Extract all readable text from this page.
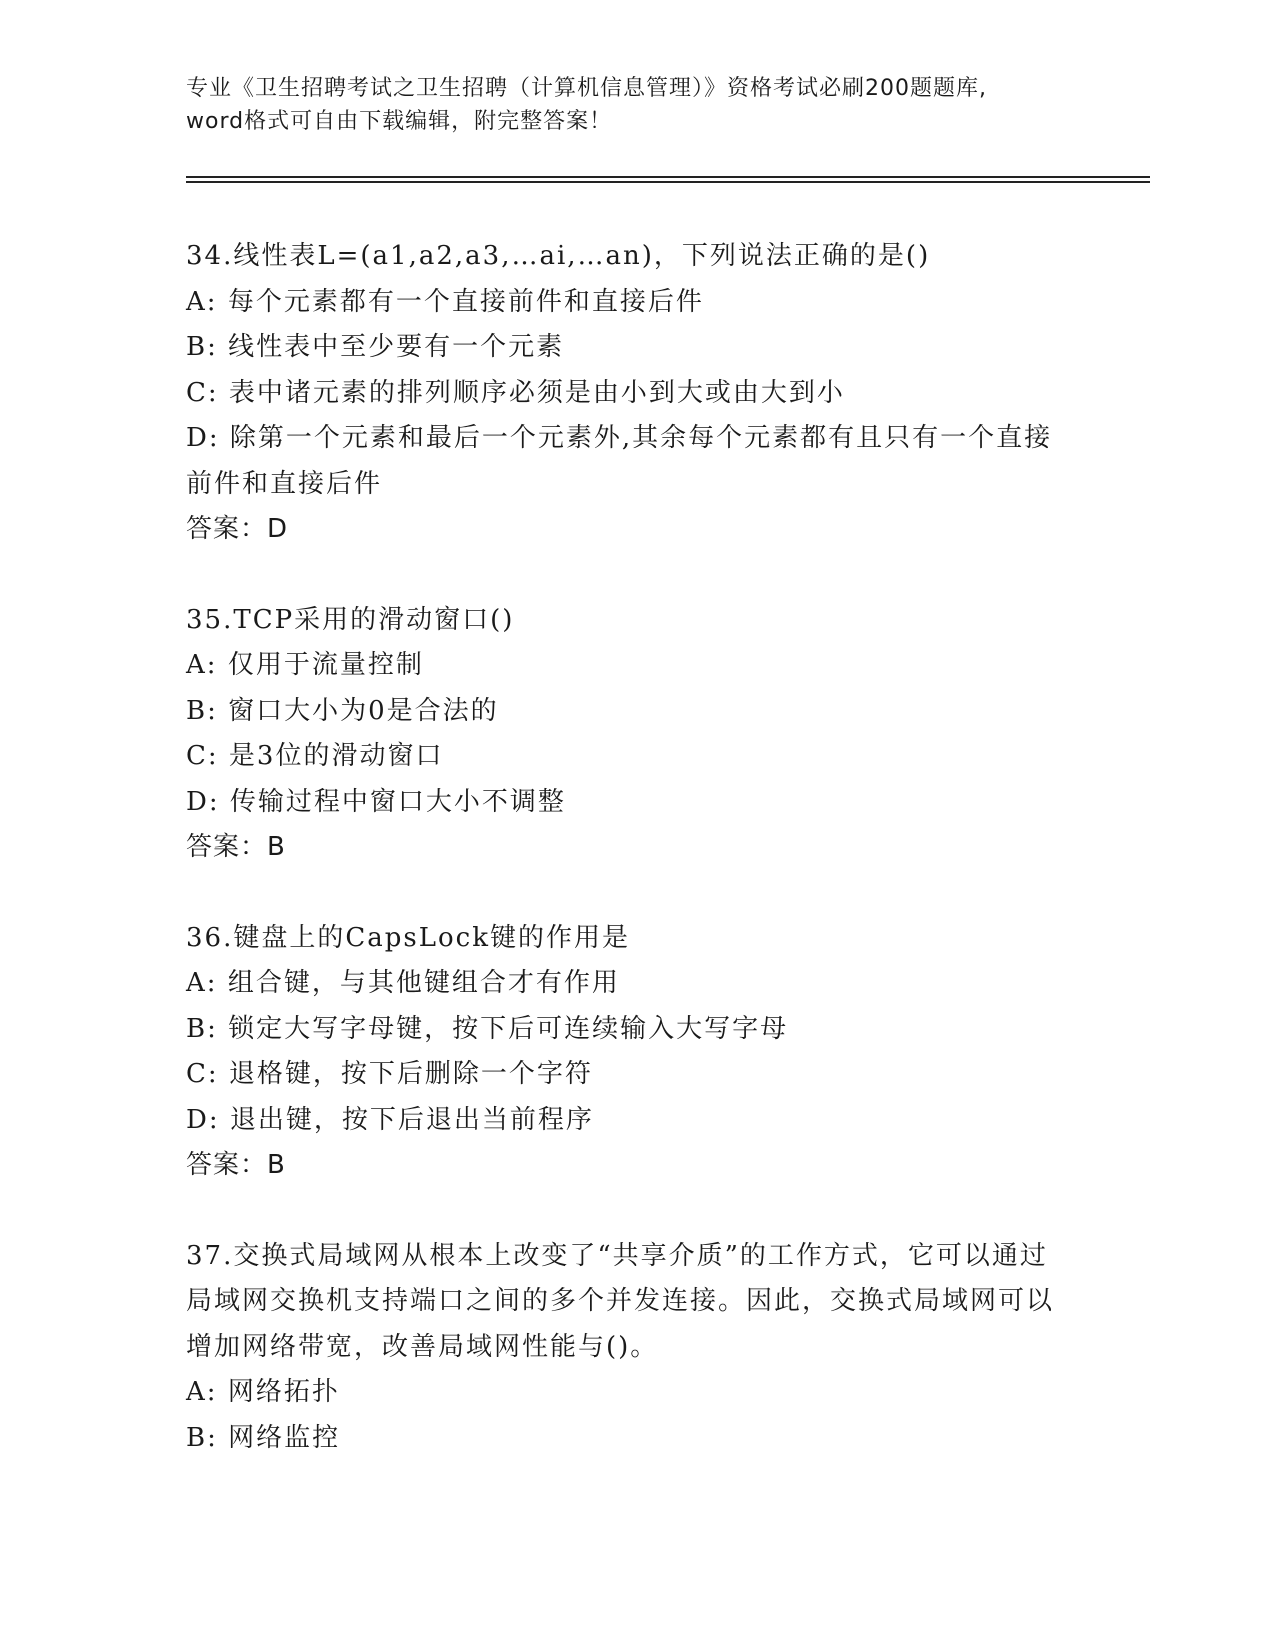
专业《卫生招聘考试之卫生招聘（计算机信息管理）》资格考试必刷200题题库,
word格式可自由下载编辑，附完整答案！

34.线性表L=(a1,a2,a3,…ai,…an)，下列说法正确的是()

A: 每个元素都有一个直接前件和直接后件

B: 线性表中至少要有一个元素

C: 表中诸元素的排列顺序必须是由小到大或由大到小

D: 除第一个元素和最后一个元素外,其余每个元素都有且只有一个直接前件和直接后件

答案：D

35.TCP采用的滑动窗口()

A: 仅用于流量控制

B: 窗口大小为0是合法的

C: 是3位的滑动窗口

D: 传输过程中窗口大小不调整

答案：B

36.键盘上的CapsLock键的作用是

A: 组合键，与其他键组合才有作用

B: 锁定大写字母键，按下后可连续输入大写字母

C: 退格键，按下后删除一个字符

D: 退出键，按下后退出当前程序

答案：B

37.交换式局域网从根本上改变了“共享介质”的工作方式，它可以通过局域网交换机支持端口之间的多个并发连接。因此，交换式局域网可以增加网络带宽，改善局域网性能与()。

A: 网络拓扑

B: 网络监控
